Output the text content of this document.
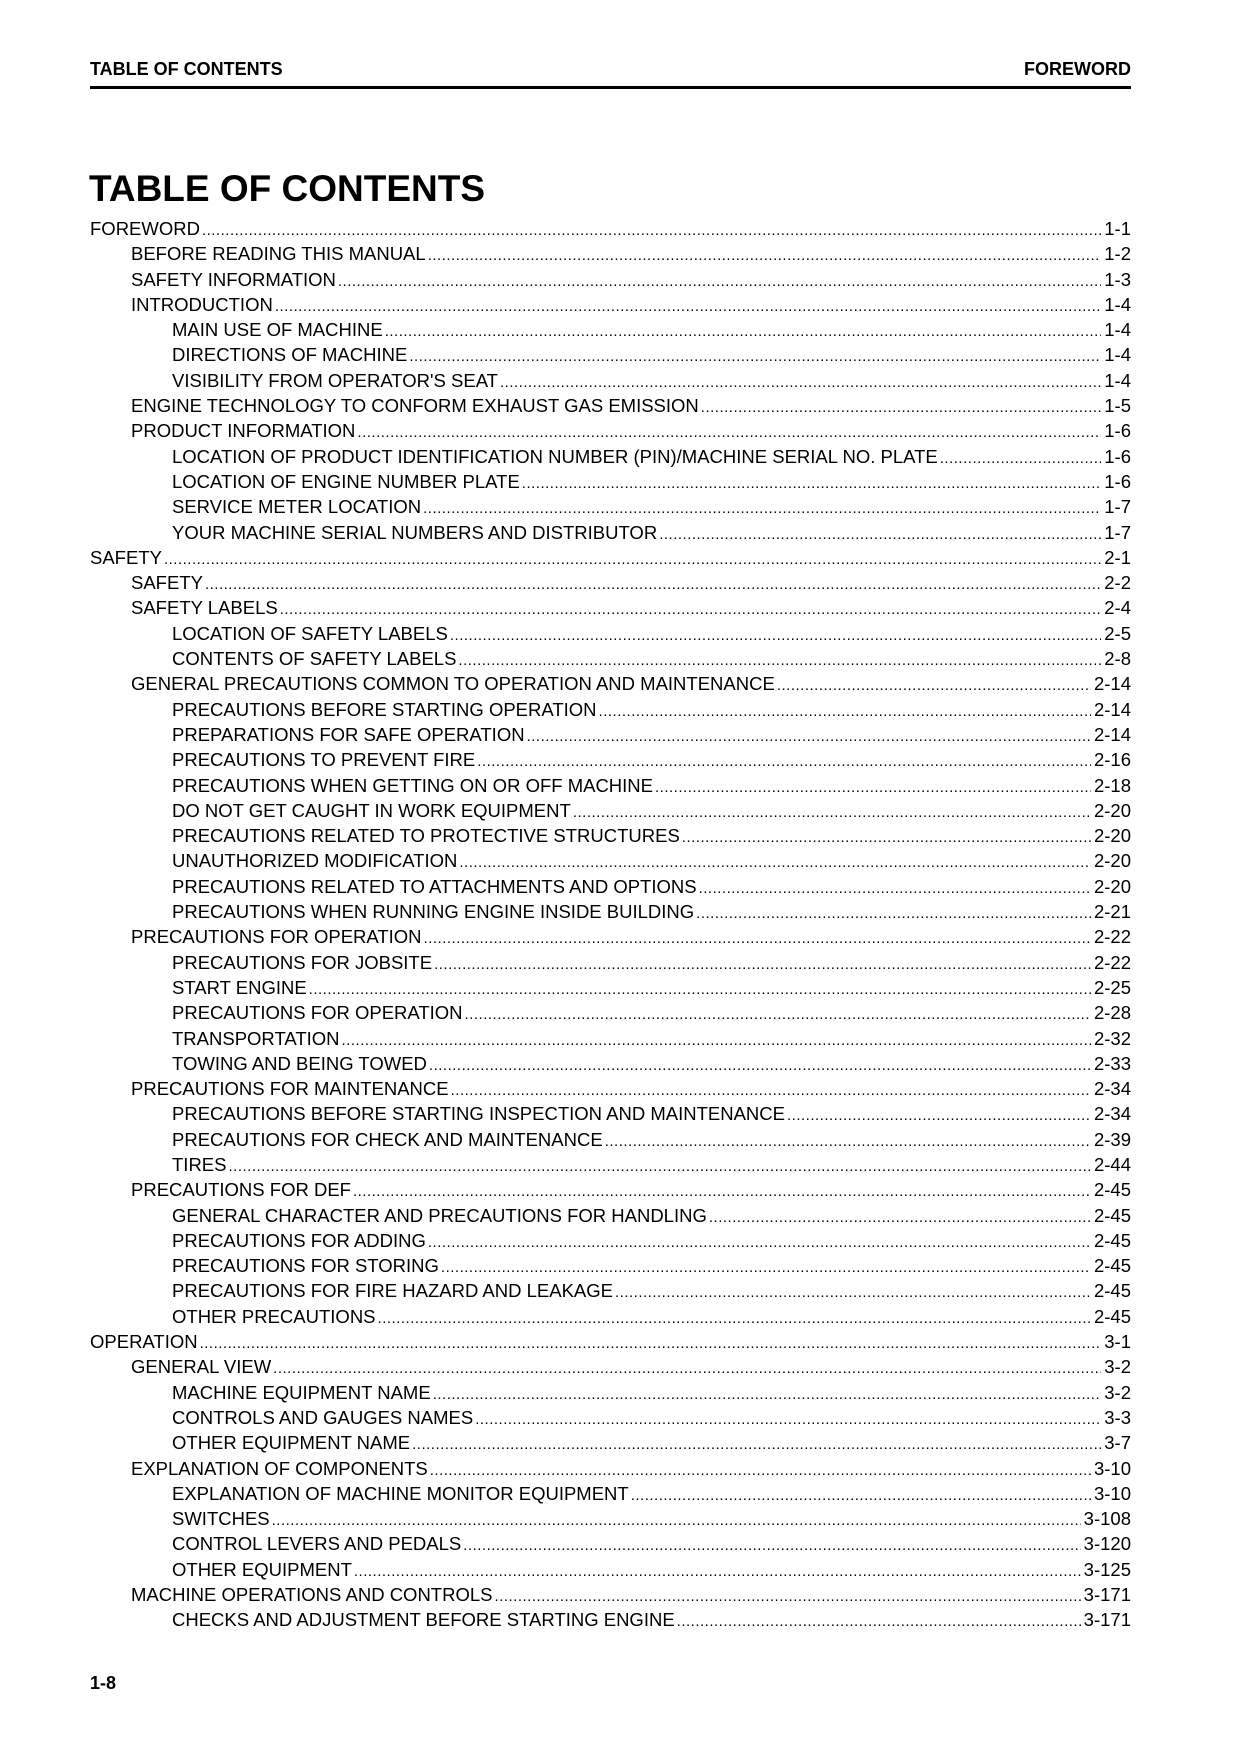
TABLE OF CONTENTS	FOREWORD
TABLE OF CONTENTS
FOREWORD .....	1-1
BEFORE READING THIS MANUAL .....	1-2
SAFETY INFORMATION .....	1-3
INTRODUCTION .....	1-4
MAIN USE OF MACHINE .....	1-4
DIRECTIONS OF MACHINE .....	1-4
VISIBILITY FROM OPERATOR'S SEAT .....	1-4
ENGINE TECHNOLOGY TO CONFORM EXHAUST GAS EMISSION .....	1-5
PRODUCT INFORMATION .....	1-6
LOCATION OF PRODUCT IDENTIFICATION NUMBER (PIN)/MACHINE SERIAL NO. PLATE .....	1-6
LOCATION OF ENGINE NUMBER PLATE .....	1-6
SERVICE METER LOCATION .....	1-7
YOUR MACHINE SERIAL NUMBERS AND DISTRIBUTOR .....	1-7
SAFETY .....	2-1
SAFETY .....	2-2
SAFETY LABELS .....	2-4
LOCATION OF SAFETY LABELS .....	2-5
CONTENTS OF SAFETY LABELS .....	2-8
GENERAL PRECAUTIONS COMMON TO OPERATION AND MAINTENANCE .....	2-14
PRECAUTIONS BEFORE STARTING OPERATION .....	2-14
PREPARATIONS FOR SAFE OPERATION .....	2-14
PRECAUTIONS TO PREVENT FIRE .....	2-16
PRECAUTIONS WHEN GETTING ON OR OFF MACHINE .....	2-18
DO NOT GET CAUGHT IN WORK EQUIPMENT .....	2-20
PRECAUTIONS RELATED TO PROTECTIVE STRUCTURES .....	2-20
UNAUTHORIZED MODIFICATION .....	2-20
PRECAUTIONS RELATED TO ATTACHMENTS AND OPTIONS .....	2-20
PRECAUTIONS WHEN RUNNING ENGINE INSIDE BUILDING .....	2-21
PRECAUTIONS FOR OPERATION .....	2-22
PRECAUTIONS FOR JOBSITE .....	2-22
START ENGINE .....	2-25
PRECAUTIONS FOR OPERATION .....	2-28
TRANSPORTATION .....	2-32
TOWING AND BEING TOWED .....	2-33
PRECAUTIONS FOR MAINTENANCE .....	2-34
PRECAUTIONS BEFORE STARTING INSPECTION AND MAINTENANCE .....	2-34
PRECAUTIONS FOR CHECK AND MAINTENANCE .....	2-39
TIRES .....	2-44
PRECAUTIONS FOR DEF .....	2-45
GENERAL CHARACTER AND PRECAUTIONS FOR HANDLING .....	2-45
PRECAUTIONS FOR ADDING .....	2-45
PRECAUTIONS FOR STORING .....	2-45
PRECAUTIONS FOR FIRE HAZARD AND LEAKAGE .....	2-45
OTHER PRECAUTIONS .....	2-45
OPERATION .....	3-1
GENERAL VIEW .....	3-2
MACHINE EQUIPMENT NAME .....	3-2
CONTROLS AND GAUGES NAMES .....	3-3
OTHER EQUIPMENT NAME .....	3-7
EXPLANATION OF COMPONENTS .....	3-10
EXPLANATION OF MACHINE MONITOR EQUIPMENT .....	3-10
SWITCHES .....	3-108
CONTROL LEVERS AND PEDALS .....	3-120
OTHER EQUIPMENT .....	3-125
MACHINE OPERATIONS AND CONTROLS .....	3-171
CHECKS AND ADJUSTMENT BEFORE STARTING ENGINE .....	3-171
1-8
